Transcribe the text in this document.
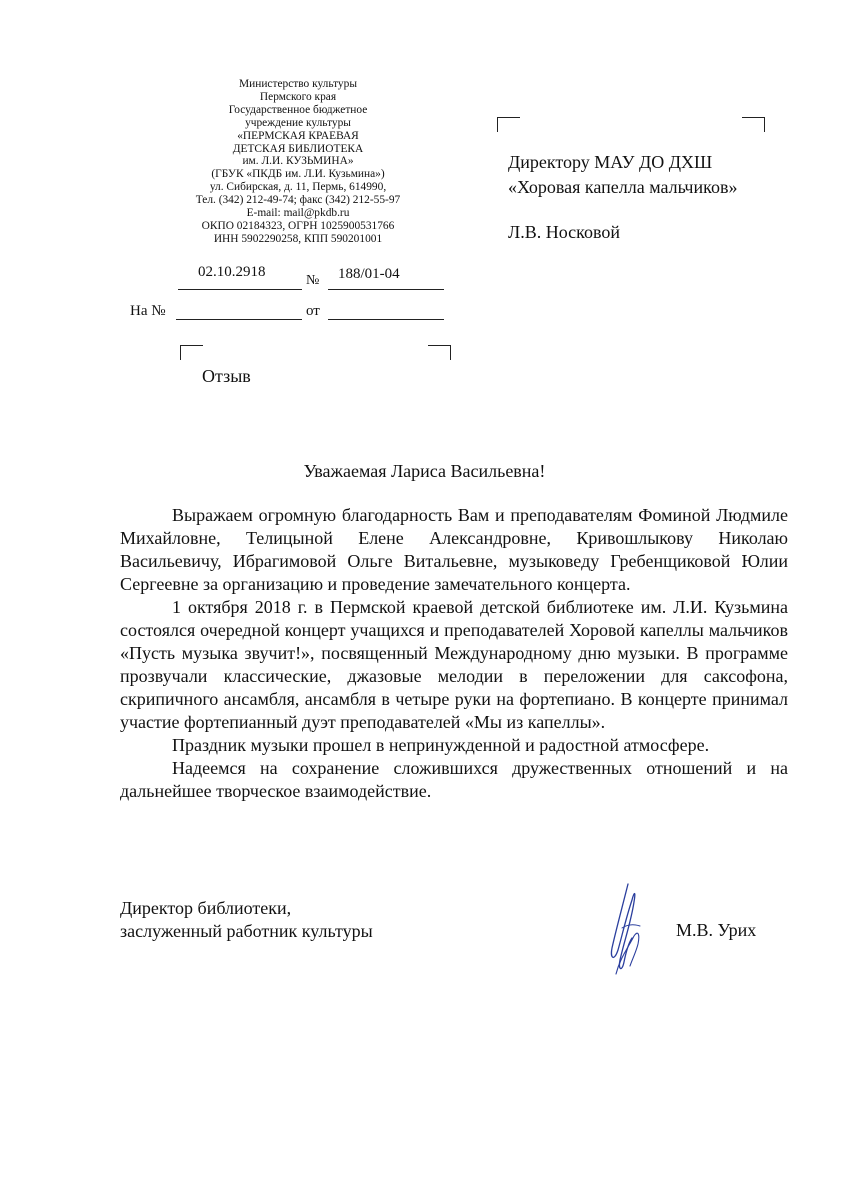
Министерство культуры
Пермского края
Государственное бюджетное
учреждение культуры
«ПЕРМСКАЯ КРАЕВАЯ
ДЕТСКАЯ БИБЛИОТЕКА
им. Л.И. КУЗЬМИНА»
(ГБУК «ПКДБ им. Л.И. Кузьмина»)
ул. Сибирская, д. 11, Пермь, 614990,
Тел. (342) 212-49-74; факс (342) 212-55-97
E-mail: mail@pkdb.ru
ОКПО 02184323, ОГРН 1025900531766
ИНН 5902290258, КПП 590201001
02.10.2918
№ 188/01-04
На №	от
Отзыв
Директору МАУ ДО ДХШ
«Хоровая капелла мальчиков»
Л.В. Носковой
Уважаемая Лариса Васильевна!

Выражаем огромную благодарность Вам и преподавателям Фоминой Людмиле Михайловне, Телицыной Елене Александровне, Кривошлыкову Николаю Васильевичу, Ибрагимовой Ольге Витальевне, музыковеду Гребенщиковой Юлии Сергеевне за организацию и проведение замечательного концерта.

1 октября 2018 г. в Пермской краевой детской библиотеке им. Л.И. Кузьмина состоялся очередной концерт учащихся и преподавателей Хоровой капеллы мальчиков «Пусть музыка звучит!», посвященный Международному дню музыки. В программе прозвучали классические, джазовые мелодии в переложении для саксофона, скрипичного ансамбля, ансамбля в четыре руки на фортепиано. В концерте принимал участие фортепианный дуэт преподавателей «Мы из капеллы».

Праздник музыки прошел в непринужденной и радостной атмосфере.

Надеемся на сохранение сложившихся дружественных отношений и на дальнейшее творческое взаимодействие.

Директор библиотеки,
заслуженный работник культуры	М.В. Урих
